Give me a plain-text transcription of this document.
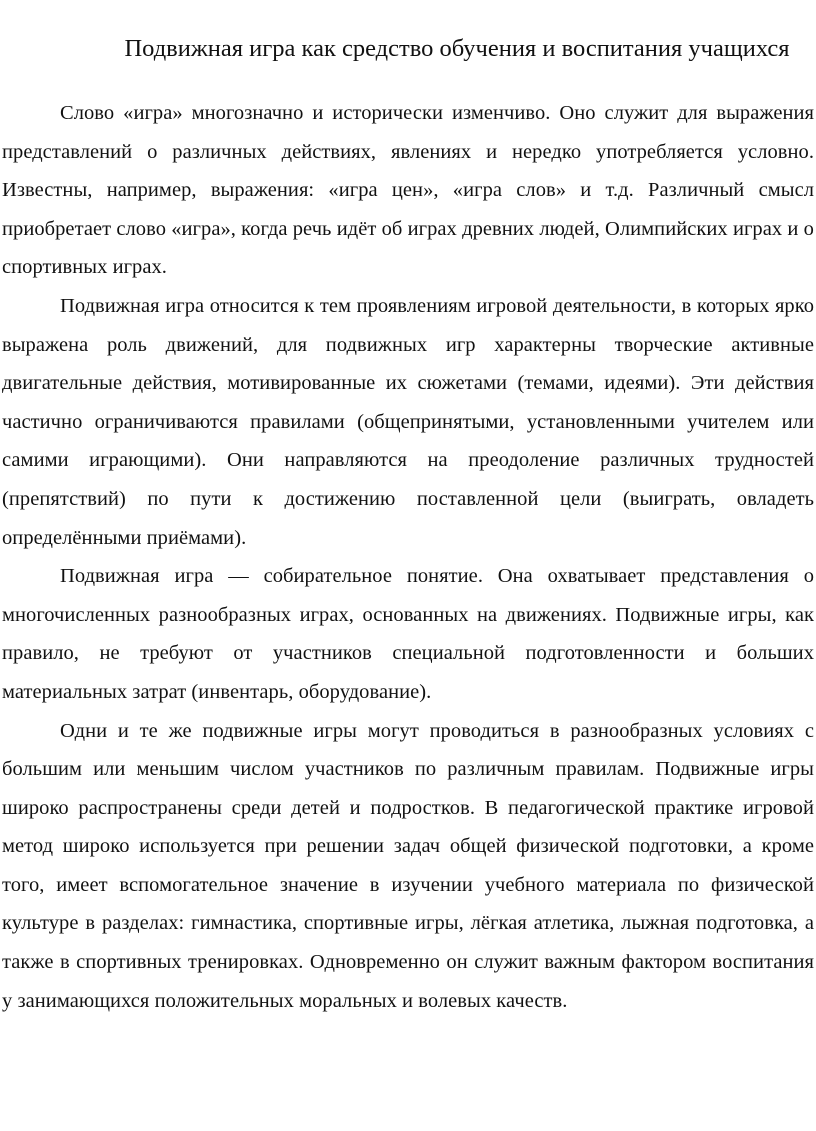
Подвижная игра как средство обучения и воспитания учащихся

Слово «игра» многозначно и исторически изменчиво. Оно служит для выражения представлений о различных действиях, явлениях и нередко употребляется условно. Известны, например, выражения: «игра цен», «игра слов» и т.д. Различный смысл приобретает слово «игра», когда речь идёт об играх древних людей, Олимпийских играх и о спортивных играх.

Подвижная игра относится к тем проявлениям игровой деятельности, в которых ярко выражена роль движений, для подвижных игр характерны творческие активные двигательные действия, мотивированные их сюжетами (темами, идеями). Эти действия частично ограничиваются правилами (общепринятыми, установленными учителем или самими играющими). Они направляются на преодоление различных трудностей (препятствий) по пути к достижению поставленной цели (выиграть, овладеть определёнными приёмами).

Подвижная игра — собирательное понятие. Она охватывает представления о многочисленных разнообразных играх, основанных на движениях. Подвижные игры, как правило, не требуют от участников специальной подготовленности и больших материальных затрат (инвентарь, оборудование).

Одни и те же подвижные игры могут проводиться в разнообразных условиях с большим или меньшим числом участников по различным правилам. Подвижные игры широко распространены среди детей и подростков. В педагогической практике игровой метод широко используется при решении задач общей физической подготовки, а кроме того, имеет вспомогательное значение в изучении учебного материала по физической культуре в разделах: гимнастика, спортивные игры, лёгкая атлетика, лыжная подготовка, а также в спортивных тренировках. Одновременно он служит важным фактором воспитания у занимающихся положительных моральных и волевых качеств.
